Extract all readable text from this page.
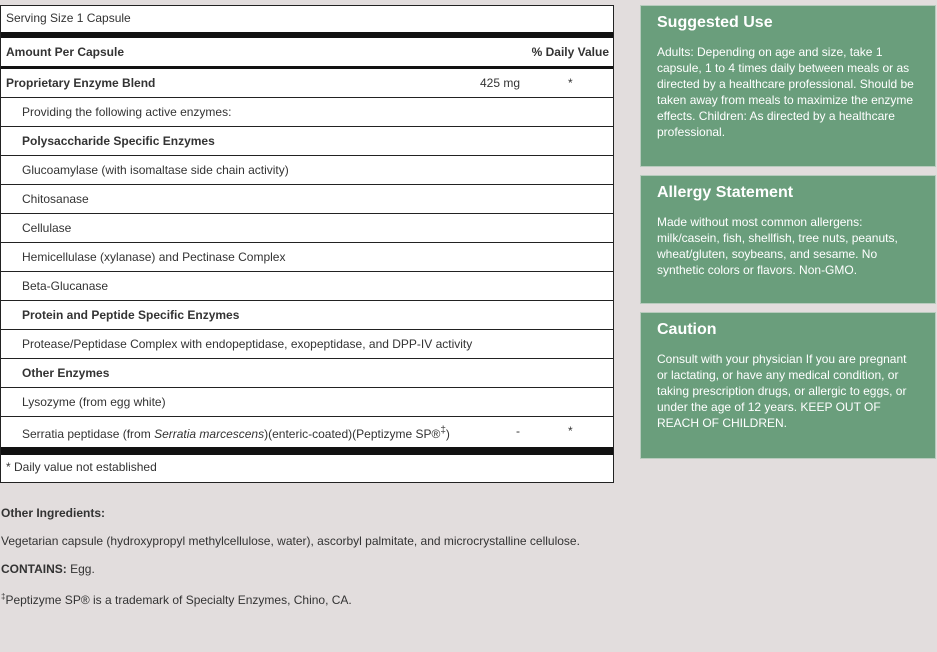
Serving Size 1 Capsule
Amount Per Capsule	% Daily Value
Proprietary Enzyme Blend	425 mg	*
Providing the following active enzymes:
Polysaccharide Specific Enzymes
Glucoamylase (with isomaltase side chain activity)
Chitosanase
Cellulase
Hemicellulase (xylanase) and Pectinase Complex
Beta-Glucanase
Protein and Peptide Specific Enzymes
Protease/Peptidase Complex with endopeptidase, exopeptidase, and DPP-IV activity
Other Enzymes
Lysozyme (from egg white)
Serratia peptidase (from Serratia marcescens)(enteric-coated)(Peptizyme SP®‡)	-	*
* Daily value not established

Other Ingredients:

Vegetarian capsule (hydroxypropyl methylcellulose, water), ascorbyl palmitate, and microcrystalline cellulose.

CONTAINS: Egg.

‡Peptizyme SP® is a trademark of Specialty Enzymes, Chino, CA.

Suggested Use

Adults: Depending on age and size, take 1 capsule, 1 to 4 times daily between meals or as directed by a healthcare professional. Should be taken away from meals to maximize the enzyme effects. Children: As directed by a healthcare professional.

Allergy Statement

Made without most common allergens: milk/casein, fish, shellfish, tree nuts, peanuts, wheat/gluten, soybeans, and sesame. No synthetic colors or flavors. Non-GMO.

Caution

Consult with your physician If you are pregnant or lactating, or have any medical condition, or taking prescription drugs, or allergic to eggs, or under the age of 12 years. KEEP OUT OF REACH OF CHILDREN.
